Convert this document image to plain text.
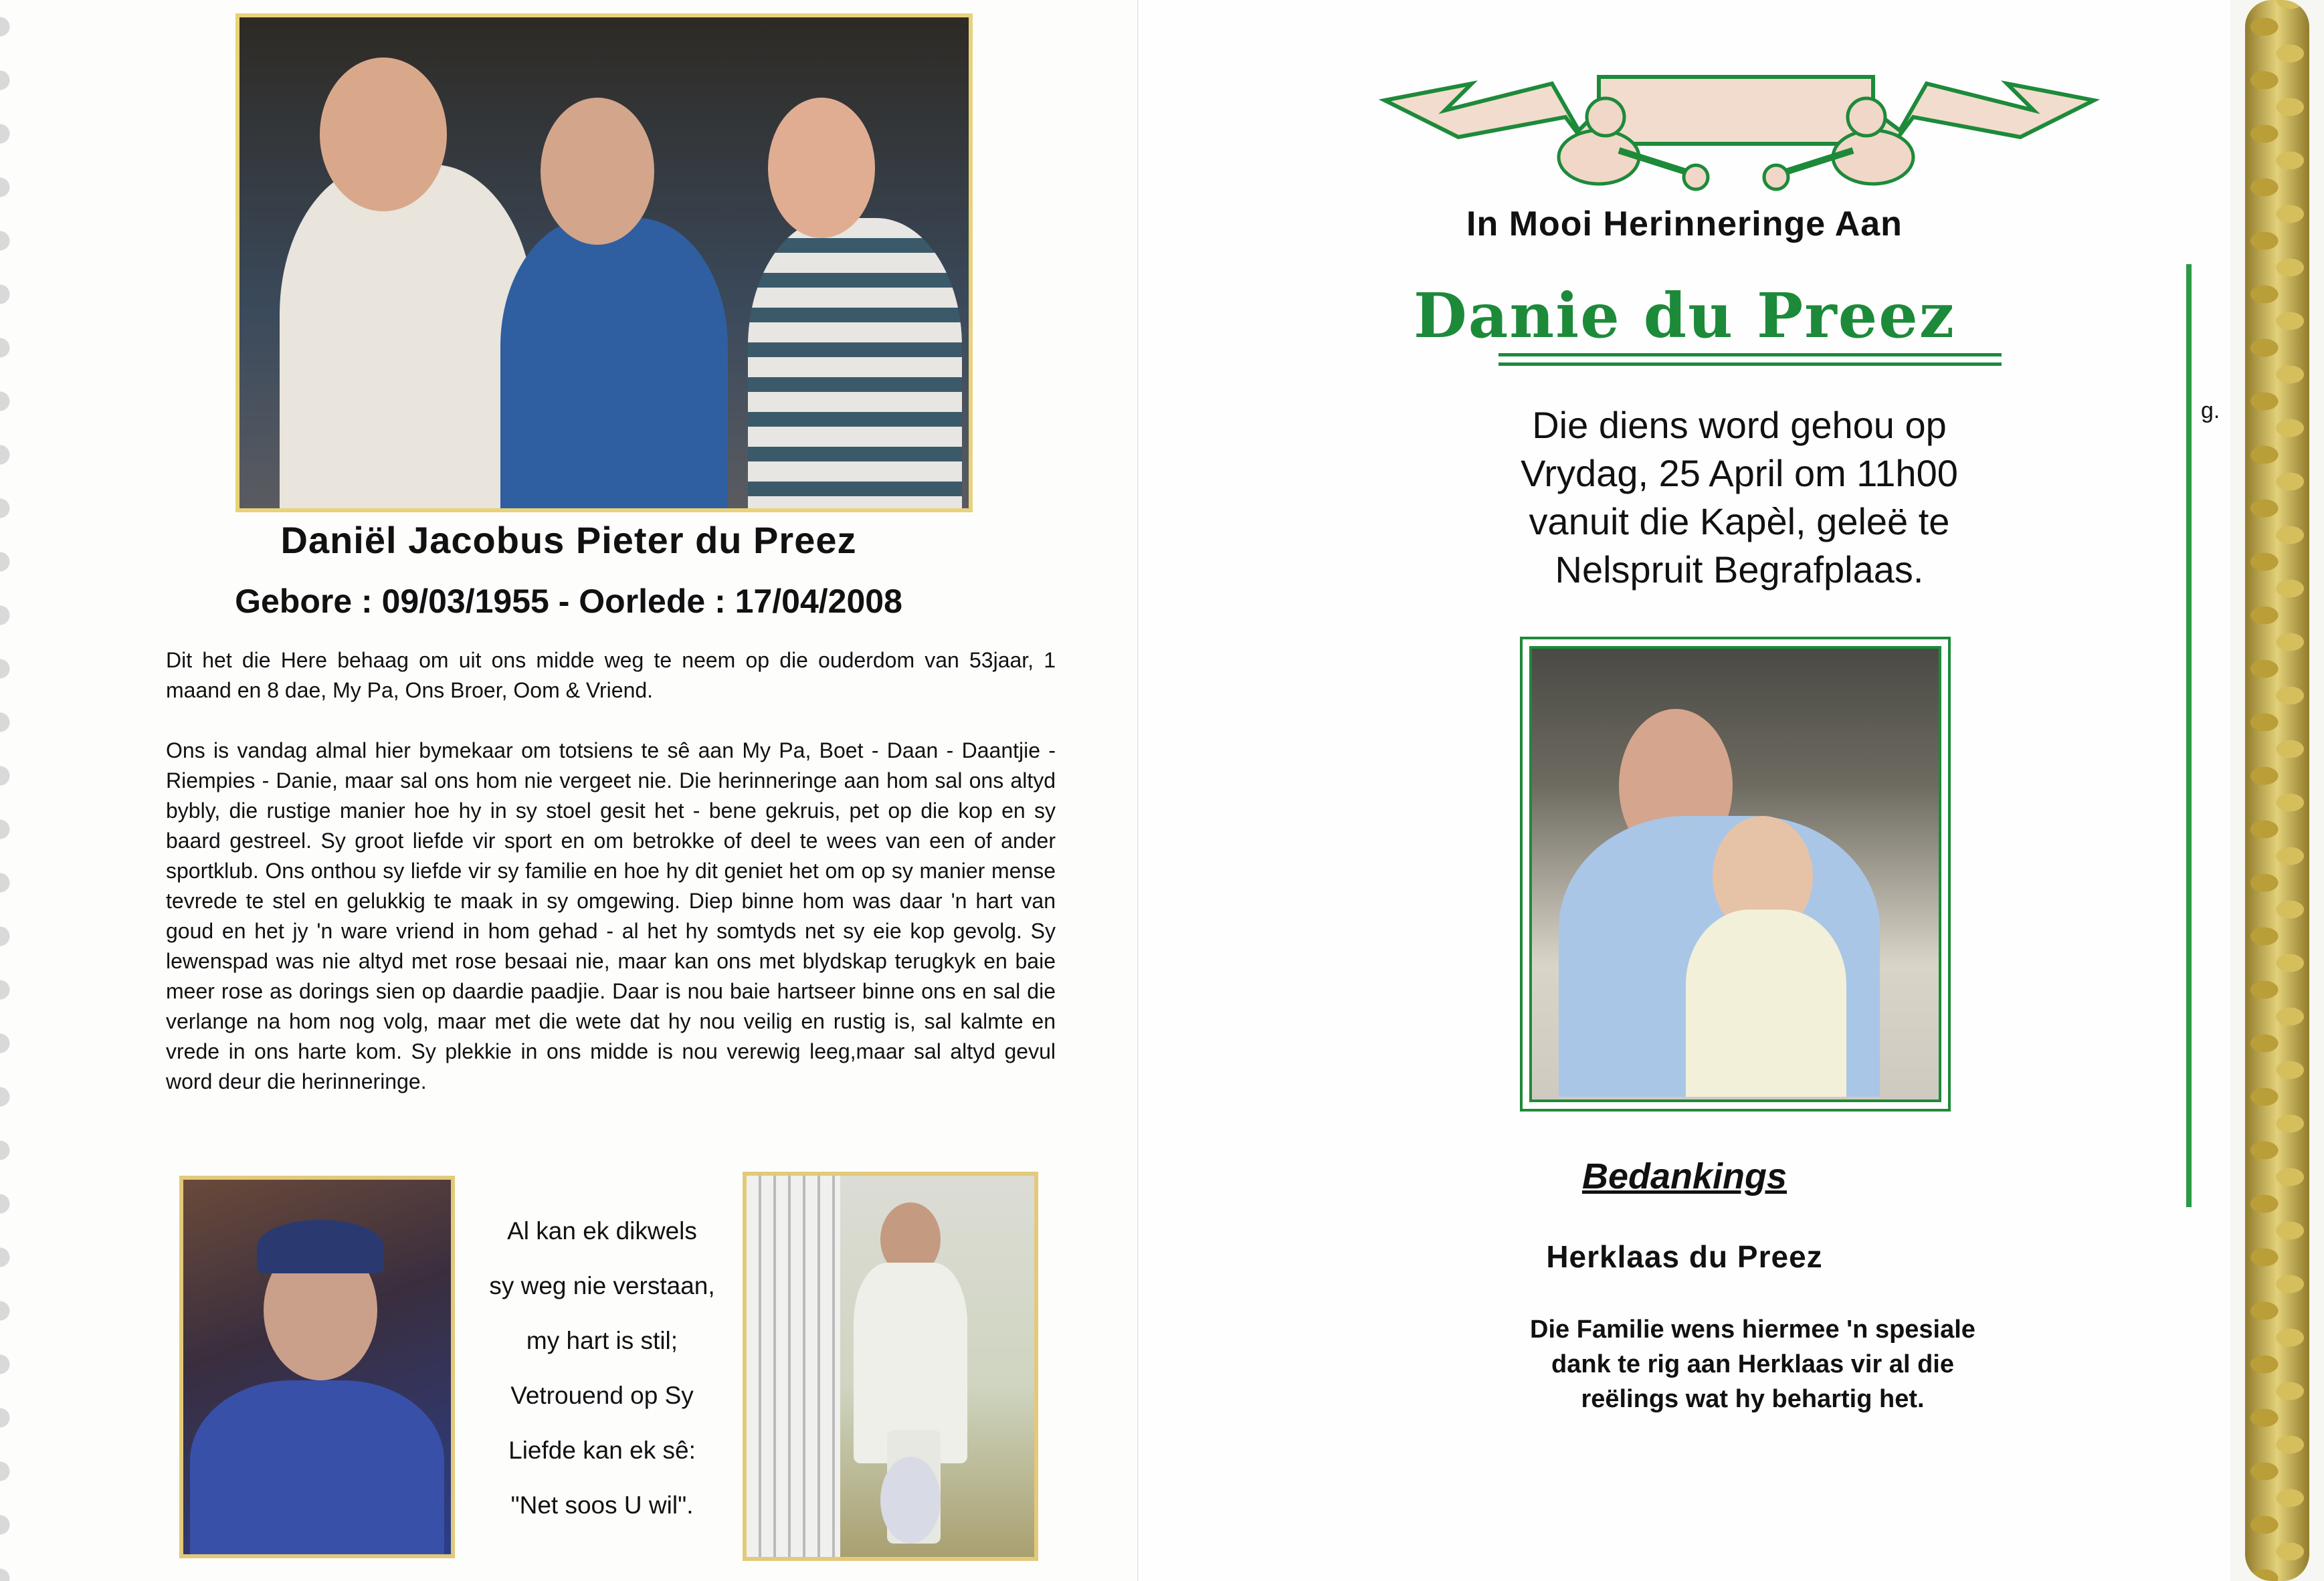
Daniël Jacobus Pieter du Preez
Gebore : 09/03/1955 - Oorlede : 17/04/2008

Dit het die Here behaag om uit ons midde weg te neem op die ouderdom van 53jaar, 1 maand en 8 dae, My Pa, Ons Broer, Oom & Vriend.

Ons is vandag almal hier bymekaar om totsiens te sê aan My Pa, Boet - Daan - Daantjie - Riempies - Danie, maar sal ons hom nie vergeet nie. Die herinneringe aan hom sal ons altyd bybly, die rustige manier hoe hy in sy stoel gesit het - bene gekruis, pet op die kop en sy baard gestreel. Sy groot liefde vir sport en om betrokke of deel te wees van een of ander sportklub. Ons onthou sy liefde vir sy familie en hoe hy dit geniet het om op sy manier mense tevrede te stel en gelukkig te maak in sy omgewing. Diep binne hom was daar 'n hart van goud en het jy 'n ware vriend in hom gehad - al het hy somtyds net sy eie kop gevolg. Sy lewenspad was nie altyd met rose besaai nie, maar kan ons met blydskap terugkyk en baie meer rose as dorings sien op daardie paadjie. Daar is nou baie hartseer binne ons en sal die verlange na hom nog volg, maar met die wete dat hy nou veilig en rustig is, sal kalmte en vrede in ons harte kom. Sy plekkie in ons midde is nou verewig leeg,maar sal altyd gevul word deur die herinneringe.

Al kan ek dikwels
sy weg nie verstaan,
my hart is stil;
Vetrouend op Sy
Liefde kan ek sê:
"Net soos U wil".
In Mooi Herinneringe Aan
Danie du Preez
Die diens word gehou op
Vrydag, 25 April om 11h00
vanuit die Kapèl, geleë te
Nelspruit Begrafplaas.
Bedankings
Herklaas du Preez
Die Familie wens hiermee 'n spesiale
dank te rig aan Herklaas vir al die
reëlings wat hy behartig het.
g.
